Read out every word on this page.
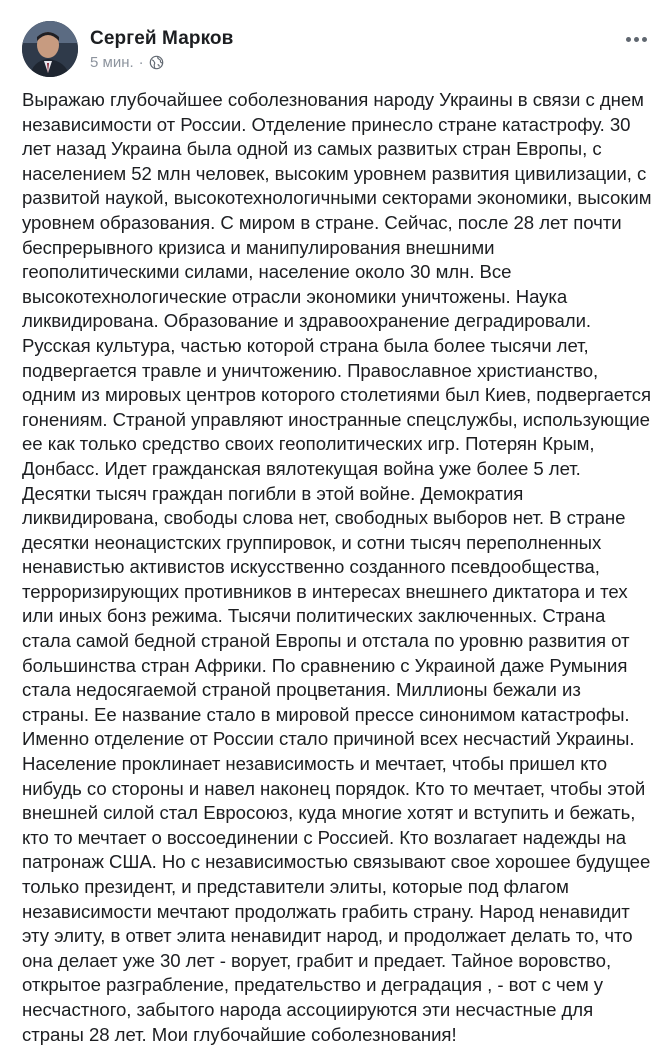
Сергей Марков
5 мин. ·
Выражаю глубочайшее соболезнования народу Украины в связи с днем независимости от России. Отделение принесло стране катастрофу. 30 лет назад Украина была одной из самых развитых стран Европы, с населением 52 млн человек, высоким уровнем развития цивилизации, с развитой наукой, высокотехнологичными секторами экономики, высоким уровнем образования. С миром в стране. Сейчас, после 28 лет почти беспрерывного кризиса и манипулирования внешними геополитическими силами, население около 30 млн. Все высокотехнологические отрасли экономики уничтожены. Наука ликвидирована. Образование и здравоохранение деградировали. Русская культура, частью которой страна была более тысячи лет, подвергается травле и уничтожению. Православное христианство, одним из мировых центров которого столетиями был Киев, подвергается гонениям. Страной управляют иностранные спецслужбы, использующие ее как только средство своих геополитических игр. Потерян Крым, Донбасс. Идет гражданская вялотекущая война уже более 5 лет. Десятки тысяч граждан погибли в этой войне. Демократия ликвидирована, свободы слова нет, свободных выборов нет. В стране десятки неонацистских группировок, и сотни тысяч переполненных ненавистью активистов искусственно созданного псевдообщества, терроризирующих противников в интересах внешнего диктатора и тех или иных бонз режима. Тысячи политических заключенных. Страна стала самой бедной страной Европы и отстала по уровню развития от большинства стран Африки. По сравнению с Украиной даже Румыния стала недосягаемой страной процветания. Миллионы бежали из страны. Ее название стало в мировой прессе синонимом катастрофы. Именно отделение от России стало причиной всех несчастий Украины. Население проклинает независимость и мечтает, чтобы пришел кто нибудь со стороны и навел наконец порядок. Кто то мечтает, чтобы этой внешней силой стал Евросоюз, куда многие хотят и вступить и бежать, кто то мечтает о воссоединении с Россией. Кто возлагает надежды на патронаж США. Но с независимостью связывают свое хорошее будущее только президент, и представители элиты, которые под флагом независимости мечтают продолжать грабить страну. Народ ненавидит эту элиту, в ответ элита ненавидит народ, и продолжает делать то, что она делает уже 30 лет - ворует, грабит и предает. Тайное воровство, открытое разграбление, предательство и деградация , - вот с чем у несчастного, забытого народа ассоциируются эти несчастные для страны 28 лет. Мои глубочайшие соболезнования!
